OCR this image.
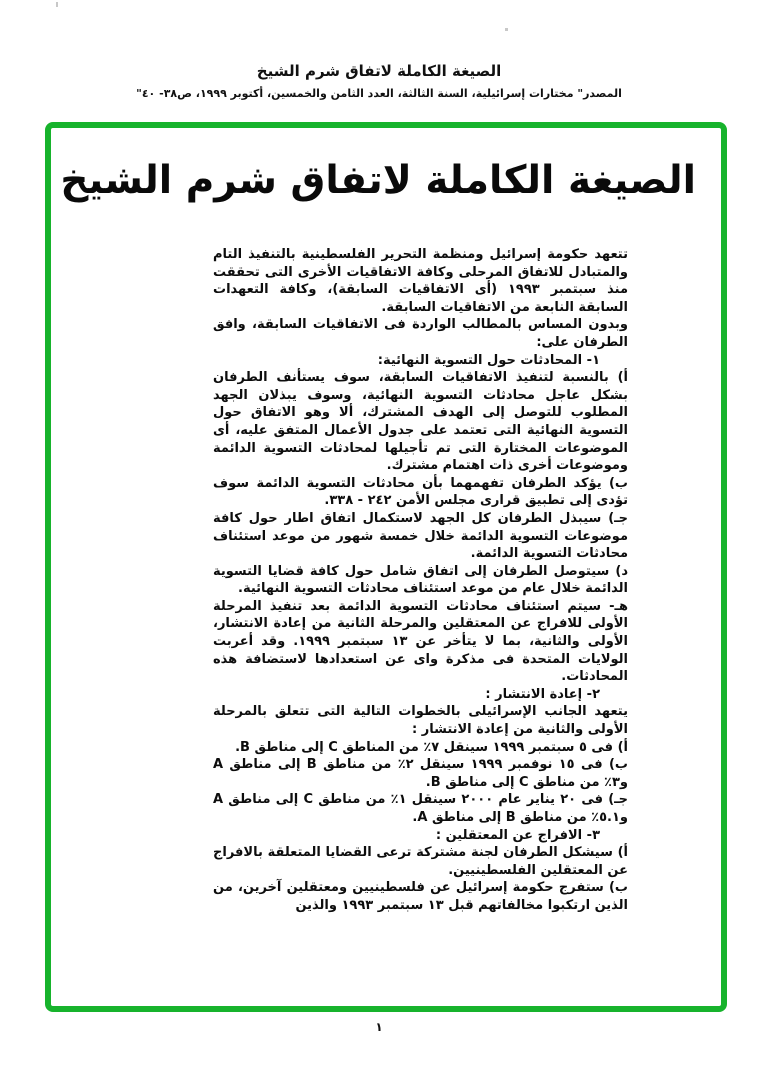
الصيغة الكاملة لاتفاق شرم الشيخ
المصدر" مختارات إسرائيلية، السنة الثالثة، العدد الثامن والخمسين، أكتوبر ١٩٩٩، ص٣٨- ٤٠"
الصيغة الكاملة لاتفاق شرم الشيخ

تتعهد حكومة إسرائيل ومنظمة التحرير الفلسطينية بالتنفيذ التام والمتبادل للاتفاق المرحلى وكافة الاتفاقيات الأخرى التى تحققت منذ سبتمبر ١٩٩٣ (أى الاتفاقيات السابقة)، وكافة التعهدات السابقة النابعة من الاتفاقيات السابقة.

وبدون المساس بالمطالب الواردة فى الاتفاقيات السابقة، وافق الطرفان على:

١- المحادثات حول التسوية النهائية:

أ) بالنسبة لتنفيذ الاتفاقيات السابقة، سوف يستأنف الطرفان بشكل عاجل محادثات التسوية النهائية، وسوف يبذلان الجهد المطلوب للتوصل إلى الهدف المشترك، ألا وهو الاتفاق حول التسوية النهائية التى تعتمد على جدول الأعمال المتفق عليه، أى الموضوعات المختارة التى تم تأجيلها لمحادثات التسوية الدائمة وموضوعات أخرى ذات اهتمام مشترك.

ب) يؤكد الطرفان تفهمهما بأن محادثات التسوية الدائمة سوف تؤدى إلى تطبيق قرارى مجلس الأمن ٢٤٢ - ٣٣٨.

جـ) سيبذل الطرفان كل الجهد لاستكمال اتفاق اطار حول كافة موضوعات التسوية الدائمة خلال خمسة شهور من موعد استئناف محادثات التسوية الدائمة.

د) سيتوصل الطرفان إلى اتفاق شامل حول كافة قضايا التسوية الدائمة خلال عام من موعد استئناف محادثات التسوية النهائية.

هـ- سيتم استئناف محادثات التسوية الدائمة بعد تنفيذ المرحلة الأولى للافراج عن المعتقلين والمرحلة الثانية من إعادة الانتشار، الأولى والثانية، بما لا يتأخر عن ١٣ سبتمبر ١٩٩٩. وقد أعربت الولايات المتحدة فى مذكرة واى عن استعدادها لاستضافة هذه المحادثات.

٢- إعادة الانتشار :

يتعهد الجانب الإسرائيلى بالخطوات التالية التى تتعلق بالمرحلة الأولى والثانية من إعادة الانتشار :

أ) فى ٥ سبتمبر ١٩٩٩ سينقل ٧٪ من المناطق C إلى مناطق B.

ب) فى ١٥ نوفمبر ١٩٩٩ سينقل ٢٪ من مناطق B إلى مناطق A و٣٪ من مناطق C إلى مناطق B.

جـ) فى ٢٠ يناير عام ٢٠٠٠ سينقل ١٪ من مناطق C إلى مناطق A و٥.١٪ من مناطق B إلى مناطق A.

٣- الافراج عن المعتقلين :

أ) سيشكل الطرفان لجنة مشتركة ترعى القضايا المتعلقة بالافراج عن المعتقلين الفلسطينيين.

ب) ستفرج حكومة إسرائيل عن فلسطينيين ومعتقلين آخرين، من الذين ارتكبوا مخالفاتهم قبل ١٣ سبتمبر ١٩٩٣ والذين

١
